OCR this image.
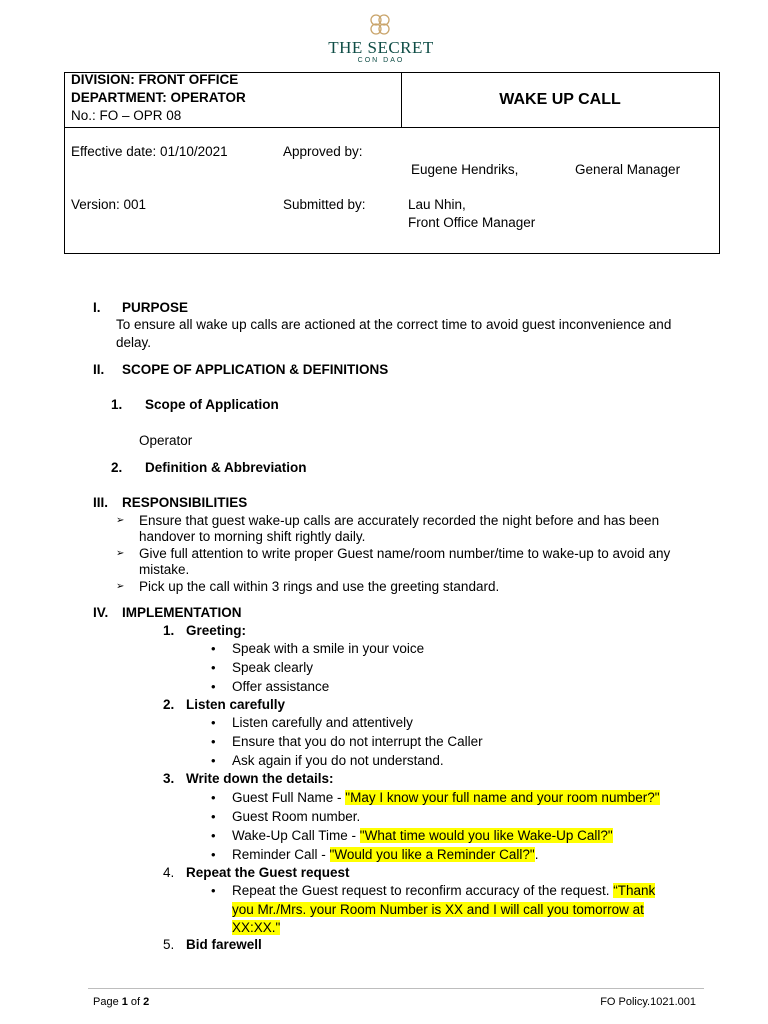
THE SECRET
CON DAO
DIVISION: FRONT OFFICE
DEPARTMENT: OPERATOR
No.: FO – OPR 08
WAKE UP CALL
Effective date: 01/10/2021	Approved by:
Eugene Hendriks,	General Manager
Version: 001	Submitted by:	Lau Nhin,
Front Office Manager
I. PURPOSE
To ensure all wake up calls are actioned at the correct time to avoid guest inconvenience and
delay.
II. SCOPE OF APPLICATION & DEFINITIONS
1. Scope of Application
Operator
2. Definition & Abbreviation
III. RESPONSIBILITIES
➢ Ensure that guest wake-up calls are accurately recorded the night before and has been
handover to morning shift rightly daily.
➢ Give full attention to write proper Guest name/room number/time to wake-up to avoid any
mistake.
➢ Pick up the call within 3 rings and use the greeting standard.
IV. IMPLEMENTATION
1. Greeting:
• Speak with a smile in your voice
• Speak clearly
• Offer assistance
2. Listen carefully
• Listen carefully and attentively
• Ensure that you do not interrupt the Caller
• Ask again if you do not understand.
3. Write down the details:
• Guest Full Name - "May I know your full name and your room number?"
• Guest Room number.
• Wake-Up Call Time - "What time would you like Wake-Up Call?"
• Reminder Call - "Would you like a Reminder Call?".
4. Repeat the Guest request
• Repeat the Guest request to reconfirm accuracy of the request. “Thank
you Mr./Mrs. your Room Number is XX and I will call you tomorrow at
XX:XX."
5. Bid farewell
Page 1 of 2	FO Policy.1021.001
